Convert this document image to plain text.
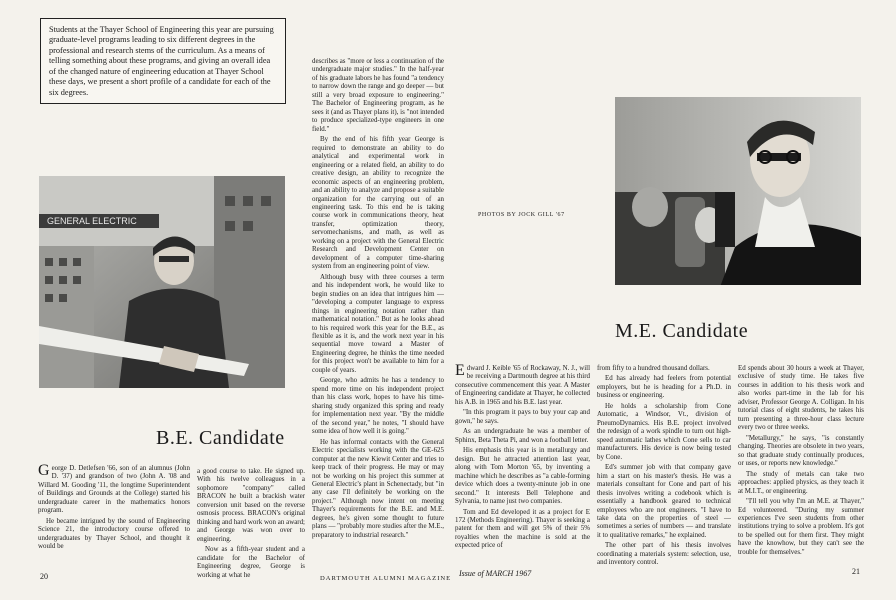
Students at the Thayer School of Engineering this year are pursuing graduate-level programs leading to six different degrees in the professional and research stems of the curriculum. As a means of telling something about these programs, and giving an overall idea of the changed nature of engineering education at Thayer School these days, we present a short profile of a candidate for each of the six degrees.
GENERAL ELECTRIC
B.E. Candidate

George D. Detlefsen '66, son of an alumnus (John D. '37) and grandson of two (John A. '08 and Willard M. Gooding '11, the longtime Superintendent of Buildings and Grounds at the College) started his undergraduate career in the mathematics honors program.

He became intrigued by the sound of Engineering Science 21, the introductory course offered to undergraduates by Thayer School, and thought it would be

a good course to take. He signed up. With his twelve colleagues in a sophomore "company" called BRACON he built a brackish water conversion unit based on the reverse osmosis process. BRACON's original thinking and hard work won an award; and George was won over to engineering.

Now as a fifth-year student and a candidate for the Bachelor of Engineering degree, George is working at what he

describes as "more or less a continuation of the undergraduate major studies." In the half-year of his graduate labors he has found "a tendency to narrow down the range and go deeper — but still a very broad exposure to engineering." The Bachelor of Engineering program, as he sees it (and as Thayer plans it), is "not intended to produce specialized-type engineers in one field."

By the end of his fifth year George is required to demonstrate an ability to do analytical and experimental work in engineering or a related field, an ability to do creative design, an ability to recognize the economic aspects of an engineering problem, and an ability to analyze and propose a suitable organization for the carrying out of an engineering task. To this end he is taking course work in communications theory, heat transfer, optimization theory, servomechanisms, and math, as well as working on a project with the General Electric Research and Development Center on development of a computer time-sharing system from an engineering point of view.

Although busy with three courses a term and his independent work, he would like to begin studies on an idea that intrigues him — "developing a computer language to express things in engineering notation rather than mathematical notation." But as he looks ahead to his required work this year for the B.E., as flexible as it is, and the work next year in his sequential move toward a Master of Engineering degree, he thinks the time needed for this project won't be available to him for a couple of years.

George, who admits he has a tendency to spend more time on his independent project than his class work, hopes to have his time-sharing study organized this spring and ready for implementation next year. "By the middle of the second year," he notes, "I should have some idea of how well it is going."

He has informal contacts with the General Electric specialists working with the GE-625 computer at the new Kiewit Center and tries to keep track of their progress. He may or may not be working on his project this summer at General Electric's plant in Schenectady, but "in any case I'll definitely be working on the project." Although now intent on meeting Thayer's requirements for the B.E. and M.E. degrees, he's given some thought to future plans — "probably more studies after the M.E., preparatory to industrial research."

PHOTOS BY JOCK GILL '67
M.E. Candidate

Edward J. Keible '65 of Rockaway, N. J., will be receiving a Dartmouth degree at his third consecutive commencement this year. A Master of Engineering candidate at Thayer, he collected his A.B. in 1965 and his B.E. last year.

"In this program it pays to buy your cap and gown," he says.

As an undergraduate he was a member of Sphinx, Beta Theta Pi, and won a football letter.

His emphasis this year is in metallurgy and design. But he attracted attention last year, along with Tom Morton '65, by inventing a machine which he describes as "a cable-forming device which does a twenty-minute job in one second." It interests Bell Telephone and Sylvania, to name just two companies.

Tom and Ed developed it as a project for E 172 (Methods Engineering). Thayer is seeking a patent for them and will get 5% of their 5% royalties when the machine is sold at the expected price of

from fifty to a hundred thousand dollars.

Ed has already had feelers from potential employers, but he is heading for a Ph.D. in business or engineering.

He holds a scholarship from Cone Automatic, a Windsor, Vt., division of PneumoDynamics. His B.E. project involved the redesign of a work spindle to turn out high-speed automatic lathes which Cone sells to car manufacturers. His device is now being tested by Cone.

Ed's summer job with that company gave him a start on his master's thesis. He was a materials consultant for Cone and part of his thesis involves writing a codebook which is essentially a handbook geared to technical employees who are not engineers. "I have to take data on the properties of steel — sometimes a series of numbers — and translate it to qualitative remarks," he explained.

The other part of his thesis involves coordinating a materials system: selection, use, and inventory control.

Ed spends about 30 hours a week at Thayer, exclusive of study time. He takes five courses in addition to his thesis work and also works part-time in the lab for his adviser, Professor George A. Colligan. In his tutorial class of eight students, he takes his turn presenting a three-hour class lecture every two or three weeks.

"Metallurgy," he says, "is constantly changing. Theories are obsolete in two years, so that graduate study continually produces, or uses, or reports new knowledge."

The study of metals can take two approaches: applied physics, as they teach it at M.I.T., or engineering.

"I'll tell you why I'm an M.E. at Thayer," Ed volunteered. "During my summer experiences I've seen students from other institutions trying to solve a problem. It's got to be spelled out for them first. They might have the knowhow, but they can't see the trouble for themselves."

20	DARTMOUTH ALUMNI MAGAZINE
Issue of MARCH 1967	21
